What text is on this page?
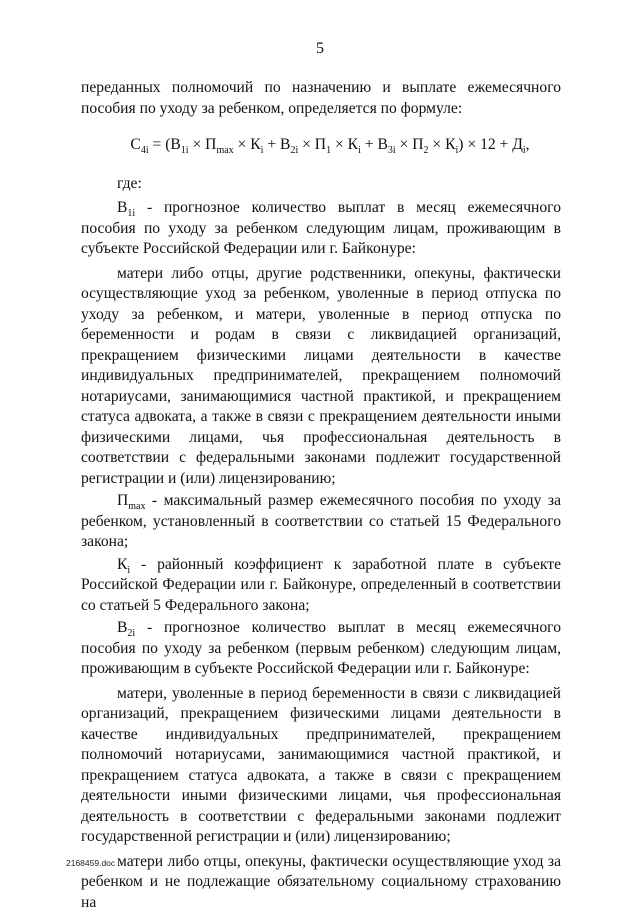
5

переданных полномочий по назначению и выплате ежемесячного пособия по уходу за ребенком, определяется по формуле:

$С_{4i} = (В_{1i} \times П_{max} \times К_i + В_{2i} \times П_1 \times К_i + В_{3i} \times П_2 \times К_i) \times 12 + Д_i$,

где:

$В_{1i}$ - прогнозное количество выплат в месяц ежемесячного пособия по уходу за ребенком следующим лицам, проживающим в субъекте Российской Федерации или г. Байконуре:

матери либо отцы, другие родственники, опекуны, фактически осуществляющие уход за ребенком, уволенные в период отпуска по уходу за ребенком, и матери, уволенные в период отпуска по беременности и родам в связи с ликвидацией организаций, прекращением физическими лицами деятельности в качестве индивидуальных предпринимателей, прекращением полномочий нотариусами, занимающимися частной практикой, и прекращением статуса адвоката, а также в связи с прекращением деятельности иными физическими лицами, чья профессиональная деятельность в соответствии с федеральными законами подлежит государственной регистрации и (или) лицензированию;

$П_{max}$ - максимальный размер ежемесячного пособия по уходу за ребенком, установленный в соответствии со статьей 15 Федерального закона;

$К_i$ - районный коэффициент к заработной плате в субъекте Российской Федерации или г. Байконуре, определенный в соответствии со статьей 5 Федерального закона;

$В_{2i}$ - прогнозное количество выплат в месяц ежемесячного пособия по уходу за ребенком (первым ребенком) следующим лицам, проживающим в субъекте Российской Федерации или г. Байконуре:

матери, уволенные в период беременности в связи с ликвидацией организаций, прекращением физическими лицами деятельности в качестве индивидуальных предпринимателей, прекращением полномочий нотариусами, занимающимися частной практикой, и прекращением статуса адвоката, а также в связи с прекращением деятельности иными физическими лицами, чья профессиональная деятельность в соответствии с федеральными законами подлежит государственной регистрации и (или) лицензированию;

матери либо отцы, опекуны, фактически осуществляющие уход за ребенком и не подлежащие обязательному социальному страхованию на

2168459.doc
